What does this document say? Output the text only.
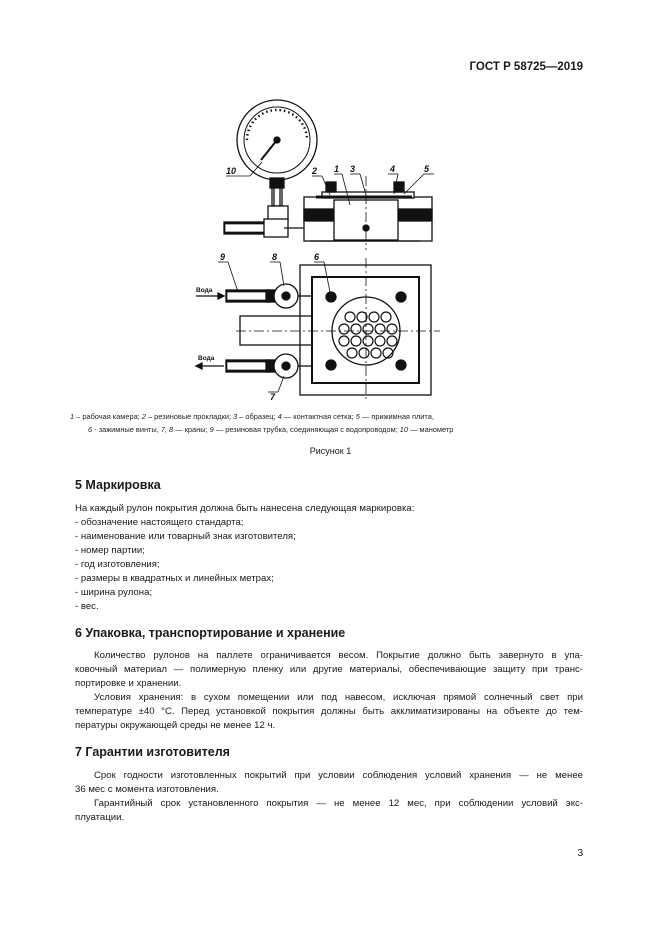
ГОСТ Р 58725—2019
10	2 1 3	4	5
9	8	6
7
Вода
Вода
1 – рабочая камера; 2 – резиновые прокладки; 3 – образец; 4 — контактная сетка; 5 — прижимная плита,
6 - зажимные винты, 7, 8 — краны; 9 — резиновая трубка, соединяющая с водопроводом; 10 — манометр
Рисунок 1
5 Маркировка
На каждый рулон покрытия должна быть нанесена следующая маркировка:
- обозначение настоящего стандарта;
- наименование или товарный знак изготовителя;
- номер партии;
- год изготовления;
- размеры в квадратных и линейных метрах;
- ширина рулона;
- вес.
6 Упаковка, транспортирование и хранение
Количество рулонов на паллете ограничивается весом. Покрытие должно быть завернуто в упа-
ковочный материал — полимерную пленку или другие материалы, обеспечивающие защиту при транс-
портировке и хранении.
Условия хранения: в сухом помещении или под навесом, исключая прямой солнечный свет при
температуре ±40 °С. Перед установкой покрытия должны быть акклиматизированы на объекте до тем-
пературы окружающей среды не менее 12 ч.
7 Гарантии изготовителя
Срок годности изготовленных покрытий при условии соблюдения условий хранения — не менее
36 мес с момента изготовления.
Гарантийный срок установленного покрытия — не менее 12 мес, при соблюдении условий экс-
плуатации.
3
